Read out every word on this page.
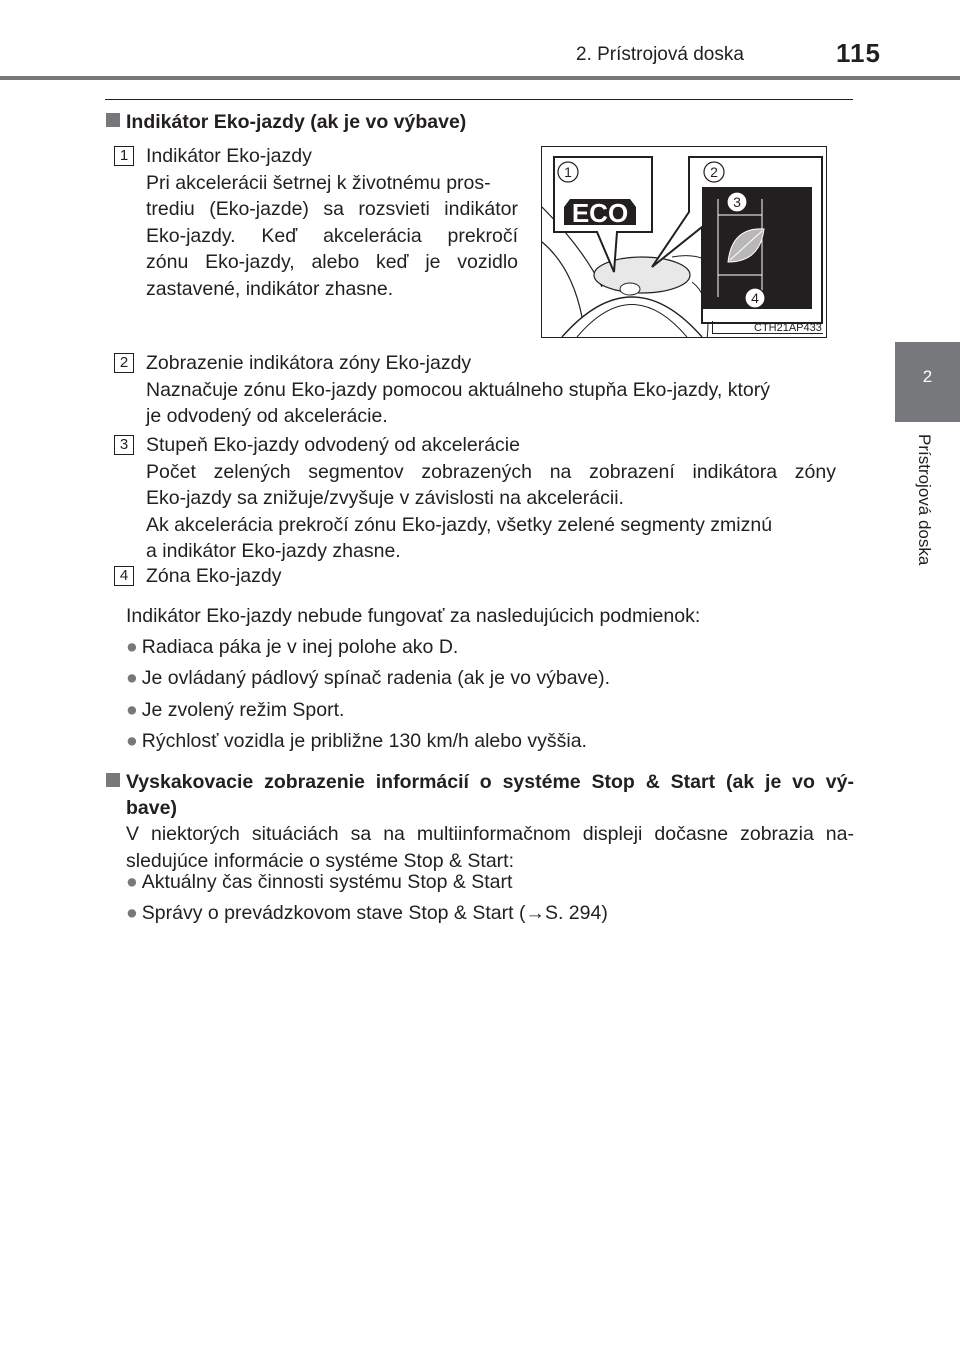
2. Prístrojová doska	115
2
Prístrojová doska
Indikátor Eko-jazdy (ak je vo výbave)
1 Indikátor Eko-jazdy
Pri akcelerácii šetrnej k životnému pros-
trediu (Eko-jazde) sa rozsvieti indikátor
Eko-jazdy. Keď akcelerácia prekročí
zónu Eko-jazdy, alebo keď je vozidlo
zastavené, indikátor zhasne.
ECO
1	2
3
4
CTH21AP433
2 Zobrazenie indikátora zóny Eko-jazdy
Naznačuje zónu Eko-jazdy pomocou aktuálneho stupňa Eko-jazdy, ktorý
je odvodený od akcelerácie.
3 Stupeň Eko-jazdy odvodený od akcelerácie
Počet zelených segmentov zobrazených na zobrazení indikátora zóny
Eko-jazdy sa znižuje/zvyšuje v závislosti na akcelerácii.
Ak akcelerácia prekročí zónu Eko-jazdy, všetky zelené segmenty zmiznú
a indikátor Eko-jazdy zhasne.
4 Zóna Eko-jazdy
Indikátor Eko-jazdy nebude fungovať za nasledujúcich podmienok:
● Radiaca páka je v inej polohe ako D.
● Je ovládaný pádlový spínač radenia (ak je vo výbave).
● Je zvolený režim Sport.
● Rýchlosť vozidla je približne 130 km/h alebo vyššia.
Vyskakovacie zobrazenie informácií o systéme Stop & Start (ak je vo vý-
bave)
V niektorých situáciách sa na multiinformačnom displeji dočasne zobrazia na-
sledujúce informácie o systéme Stop & Start:
● Aktuálny čas činnosti systému Stop & Start
● Správy o prevádzkovom stave Stop & Start (→S. 294)
